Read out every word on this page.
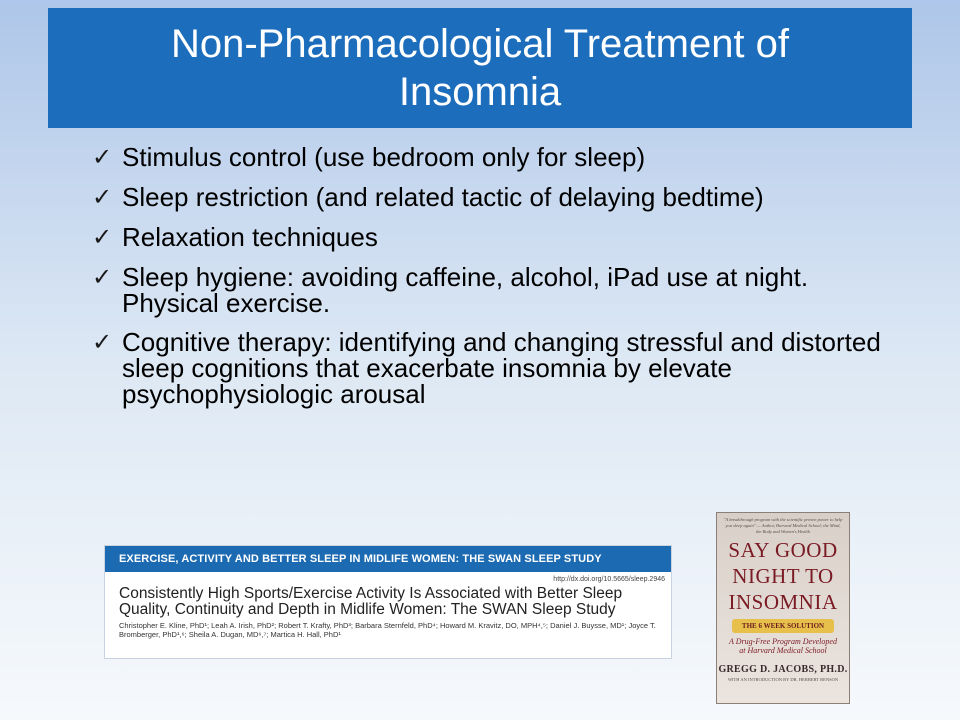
Non-Pharmacological Treatment of Insomnia
✓ Stimulus control (use bedroom only for sleep)
✓ Sleep restriction (and related tactic of delaying bedtime)
✓ Relaxation techniques
✓ Sleep hygiene: avoiding caffeine, alcohol, iPad use at night. Physical exercise.
✓ Cognitive therapy: identifying and changing stressful and distorted sleep cognitions that exacerbate insomnia by elevate psychophysiologic arousal
EXERCISE, ACTIVITY AND BETTER SLEEP IN MIDLIFE WOMEN: THE SWAN SLEEP STUDY
http://dx.doi.org/10.5665/sleep.2946
Consistently High Sports/Exercise Activity Is Associated with Better Sleep Quality, Continuity and Depth in Midlife Women: The SWAN Sleep Study
Christopher E. Kline, PhD¹; Leah A. Irish, PhD²; Robert T. Krafty, PhD³; Barbara Sternfeld, PhD⁴; Howard M. Kravitz, DO, MPH⁴,⁵; Daniel J. Buysse, MD¹; Joyce T. Bromberger, PhD¹,⁶; Sheila A. Dugan, MD⁶,⁷; Martica H. Hall, PhD¹
"A breakthrough program with the scientific proven power to help you sleep again" — Author, Harvard Medical School; the Mind, the Body and Women's Health
SAY GOOD
NIGHT TO
INSOMNIA
THE 6 WEEK SOLUTION
A Drug-Free Program Developed at Harvard Medical School
GREGG D. JACOBS, PH.D.
WITH AN INTRODUCTION BY DR. HERBERT BENSON
